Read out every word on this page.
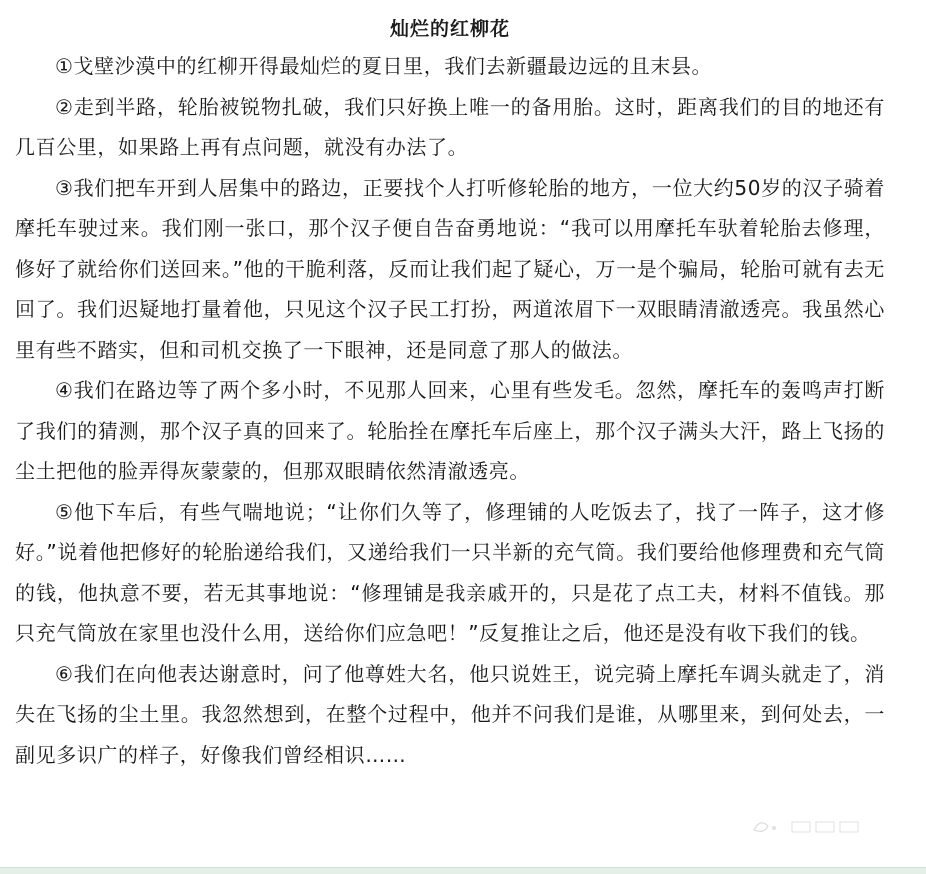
灿烂的红柳花

①戈壁沙漠中的红柳开得最灿烂的夏日里，我们去新疆最边远的且末县。

②走到半路，轮胎被锐物扎破，我们只好换上唯一的备用胎。这时，距离我们的目的地还有几百公里，如果路上再有点问题，就没有办法了。

③我们把车开到人居集中的路边，正要找个人打听修轮胎的地方，一位大约50岁的汉子骑着摩托车驶过来。我们刚一张口，那个汉子便自告奋勇地说：“我可以用摩托车驮着轮胎去修理，修好了就给你们送回来。”他的干脆利落，反而让我们起了疑心，万一是个骗局，轮胎可就有去无回了。我们迟疑地打量着他，只见这个汉子民工打扮，两道浓眉下一双眼睛清澈透亮。我虽然心里有些不踏实，但和司机交换了一下眼神，还是同意了那人的做法。

④我们在路边等了两个多小时，不见那人回来，心里有些发毛。忽然，摩托车的轰鸣声打断了我们的猜测，那个汉子真的回来了。轮胎拴在摩托车后座上，那个汉子满头大汗，路上飞扬的尘土把他的脸弄得灰蒙蒙的，但那双眼睛依然清澈透亮。

⑤他下车后，有些气喘地说；“让你们久等了，修理铺的人吃饭去了，找了一阵子，这才修好。”说着他把修好的轮胎递给我们，又递给我们一只半新的充气筒。我们要给他修理费和充气筒的钱，他执意不要，若无其事地说：“修理铺是我亲戚开的，只是花了点工夫，材料不值钱。那只充气筒放在家里也没什么用，送给你们应急吧！”反复推让之后，他还是没有收下我们的钱。

⑥我们在向他表达谢意时，问了他尊姓大名，他只说姓王，说完骑上摩托车调头就走了，消失在飞扬的尘土里。我忽然想到，在整个过程中，他并不问我们是谁，从哪里来，到何处去，一副见多识广的样子，好像我们曾经相识……
